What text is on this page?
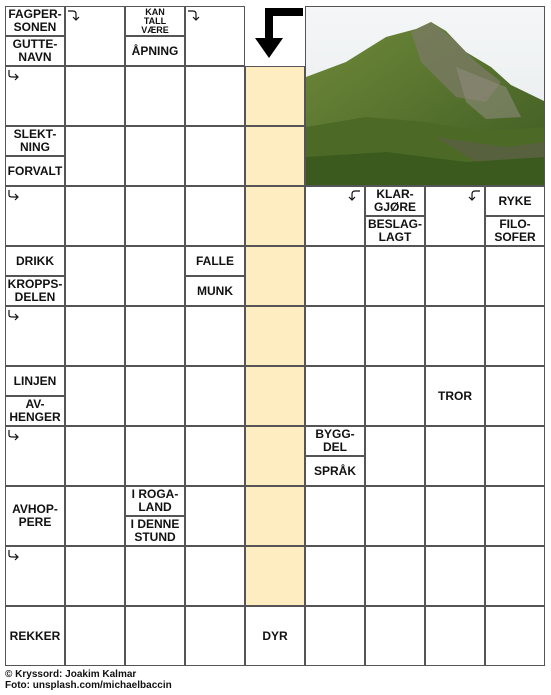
FAGPER-
SONEN
GUTTE-
NAVN
KAN
TALL
VÆRE
ÅPNING
SLEKT-
NING
FORVALT
KLAR-
GJØRE
BESLAG-
LAGT
RYKE
FILO-
SOFER
DRIKK
KROPPS-
DELEN
FALLE
MUNK
LINJEN
AV-
HENGER
TROR
BYGG-
DEL
SPRÅK
AVHOP-
PERE
I ROGA-
LAND
I DENNE
STUND
REKKER	DYR
© Kryssord: Joakim Kalmar
Foto: unsplash.com/michaelbaccin
